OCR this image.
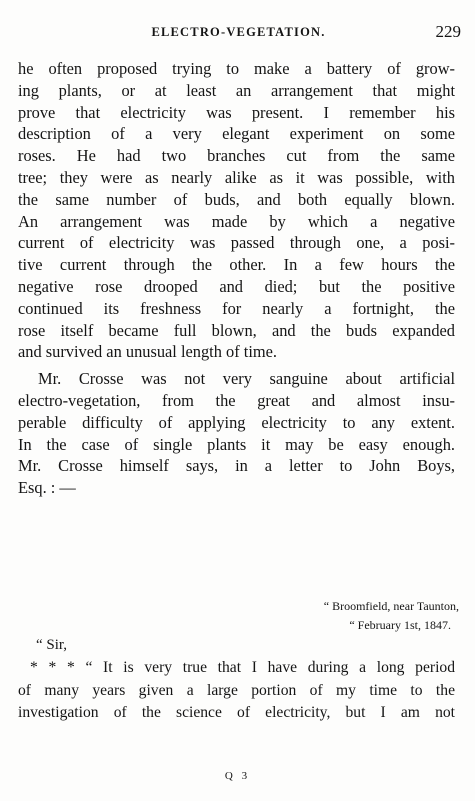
ELECTRO-VEGETATION.	229
he often proposed trying to make a battery of grow-
ing plants, or at least an arrangement that might
prove that electricity was present. I remember his
description of a very elegant experiment on some
roses. He had two branches cut from the same
tree; they were as nearly alike as it was possible, with
the same number of buds, and both equally blown.
An arrangement was made by which a negative
current of electricity was passed through one, a posi-
tive current through the other. In a few hours the
negative rose drooped and died; but the positive
continued its freshness for nearly a fortnight, the
rose itself became full blown, and the buds expanded
and survived an unusual length of time.
Mr. Crosse was not very sanguine about artificial
electro-vegetation, from the great and almost insu-
perable difficulty of applying electricity to any extent.
In the case of single plants it may be easy enough.
Mr. Crosse himself says, in a letter to John Boys,
Esq. : —
“ Broomfield, near Taunton,
“ February 1st, 1847.
“ Sir,
* * * “ It is very true that I have during a long period
of many years given a large portion of my time to the
investigation of the science of electricity, but I am not
Q 3
